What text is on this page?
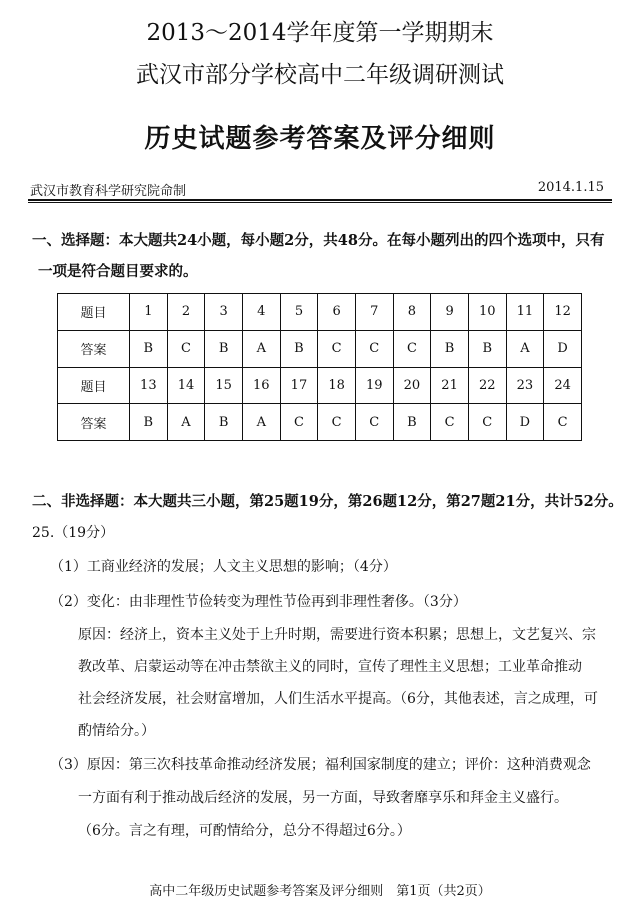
2013～2014学年度第一学期期末
武汉市部分学校高中二年级调研测试
历史试题参考答案及评分细则
武汉市教育科学研究院命制	2014.1.15
一、选择题：本大题共24小题，每小题2分，共48分。在每小题列出的四个选项中，只有
一项是符合题目要求的。
题目	1	2	3	4	5	6	7	8	9	10	11	12
答案	B	C	B	A	B	C	C	C	B	B	A	D
题目	13	14	15	16	17	18	19	20	21	22	23	24
答案	B	A	B	A	C	C	C	B	C	C	D	C
二、非选择题：本大题共三小题，第25题19分，第26题12分，第27题21分，共计52分。
25.（19分）
（1）工商业经济的发展；人文主义思想的影响；（4分）
（2）变化：由非理性节俭转变为理性节俭再到非理性奢侈。（3分）
原因：经济上，资本主义处于上升时期，需要进行资本积累；思想上，文艺复兴、宗
教改革、启蒙运动等在冲击禁欲主义的同时，宣传了理性主义思想；工业革命推动
社会经济发展，社会财富增加，人们生活水平提高。（6分，其他表述，言之成理，可
酌情给分。）
（3）原因：第三次科技革命推动经济发展；福利国家制度的建立；评价：这种消费观念
一方面有利于推动战后经济的发展，另一方面，导致奢靡享乐和拜金主义盛行。
（6分。言之有理，可酌情给分，总分不得超过6分。）
高中二年级历史试题参考答案及评分细则　第1页（共2页）
